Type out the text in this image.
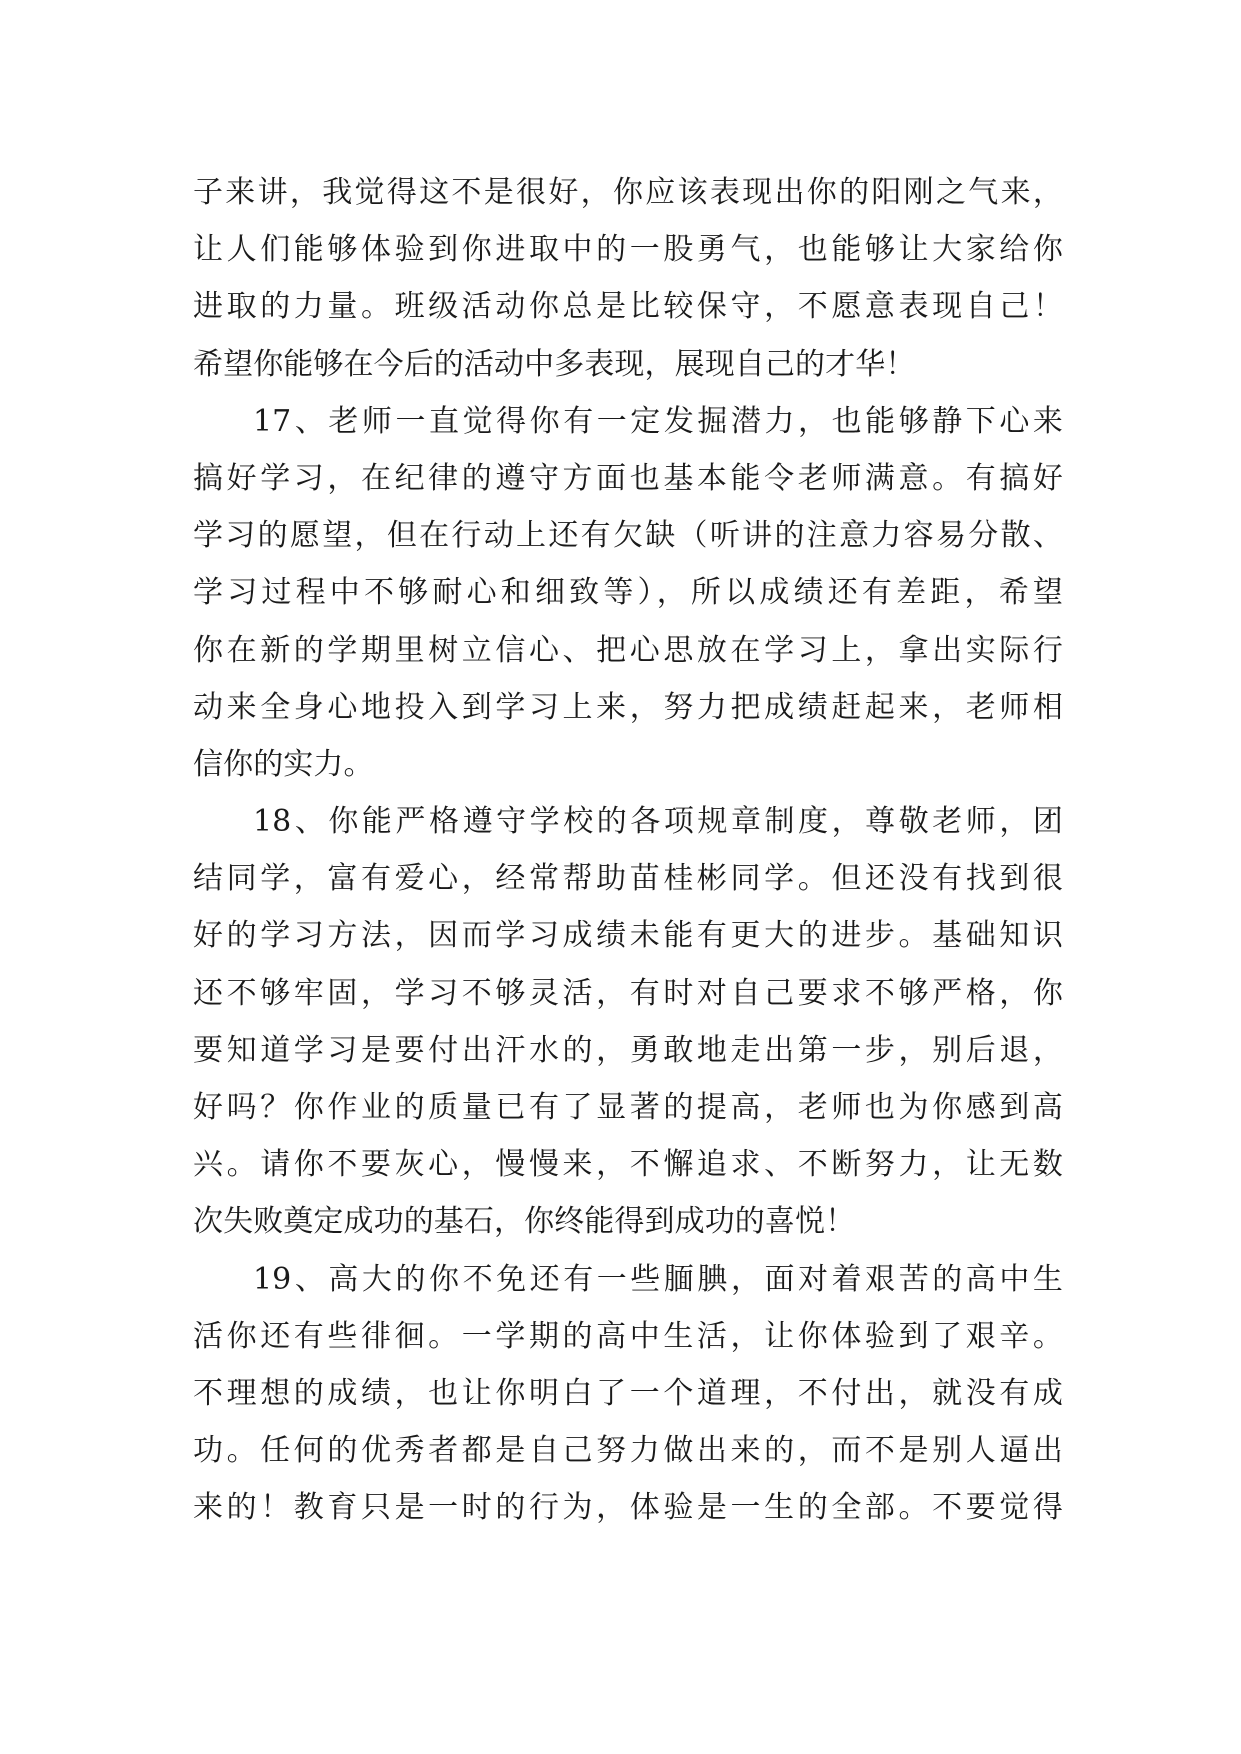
子来讲，我觉得这不是很好，你应该表现出你的阳刚之气来，
让人们能够体验到你进取中的一股勇气，也能够让大家给你
进取的力量。班级活动你总是比较保守，不愿意表现自己！
希望你能够在今后的活动中多表现，展现自己的才华！
17、老师一直觉得你有一定发掘潜力，也能够静下心来
搞好学习，在纪律的遵守方面也基本能令老师满意。有搞好
学习的愿望，但在行动上还有欠缺（听讲的注意力容易分散、
学习过程中不够耐心和细致等），所以成绩还有差距，希望
你在新的学期里树立信心、把心思放在学习上，拿出实际行
动来全身心地投入到学习上来，努力把成绩赶起来，老师相
信你的实力。
18、你能严格遵守学校的各项规章制度，尊敬老师，团
结同学，富有爱心，经常帮助苗桂彬同学。但还没有找到很
好的学习方法，因而学习成绩未能有更大的进步。基础知识
还不够牢固，学习不够灵活，有时对自己要求不够严格，你
要知道学习是要付出汗水的，勇敢地走出第一步，别后退，
好吗？你作业的质量已有了显著的提高，老师也为你感到高
兴。请你不要灰心，慢慢来，不懈追求、不断努力，让无数
次失败奠定成功的基石，你终能得到成功的喜悦！
19、高大的你不免还有一些腼腆，面对着艰苦的高中生
活你还有些徘徊。一学期的高中生活，让你体验到了艰辛。
不理想的成绩，也让你明白了一个道理，不付出，就没有成
功。任何的优秀者都是自己努力做出来的，而不是别人逼出
来的！教育只是一时的行为，体验是一生的全部。不要觉得
